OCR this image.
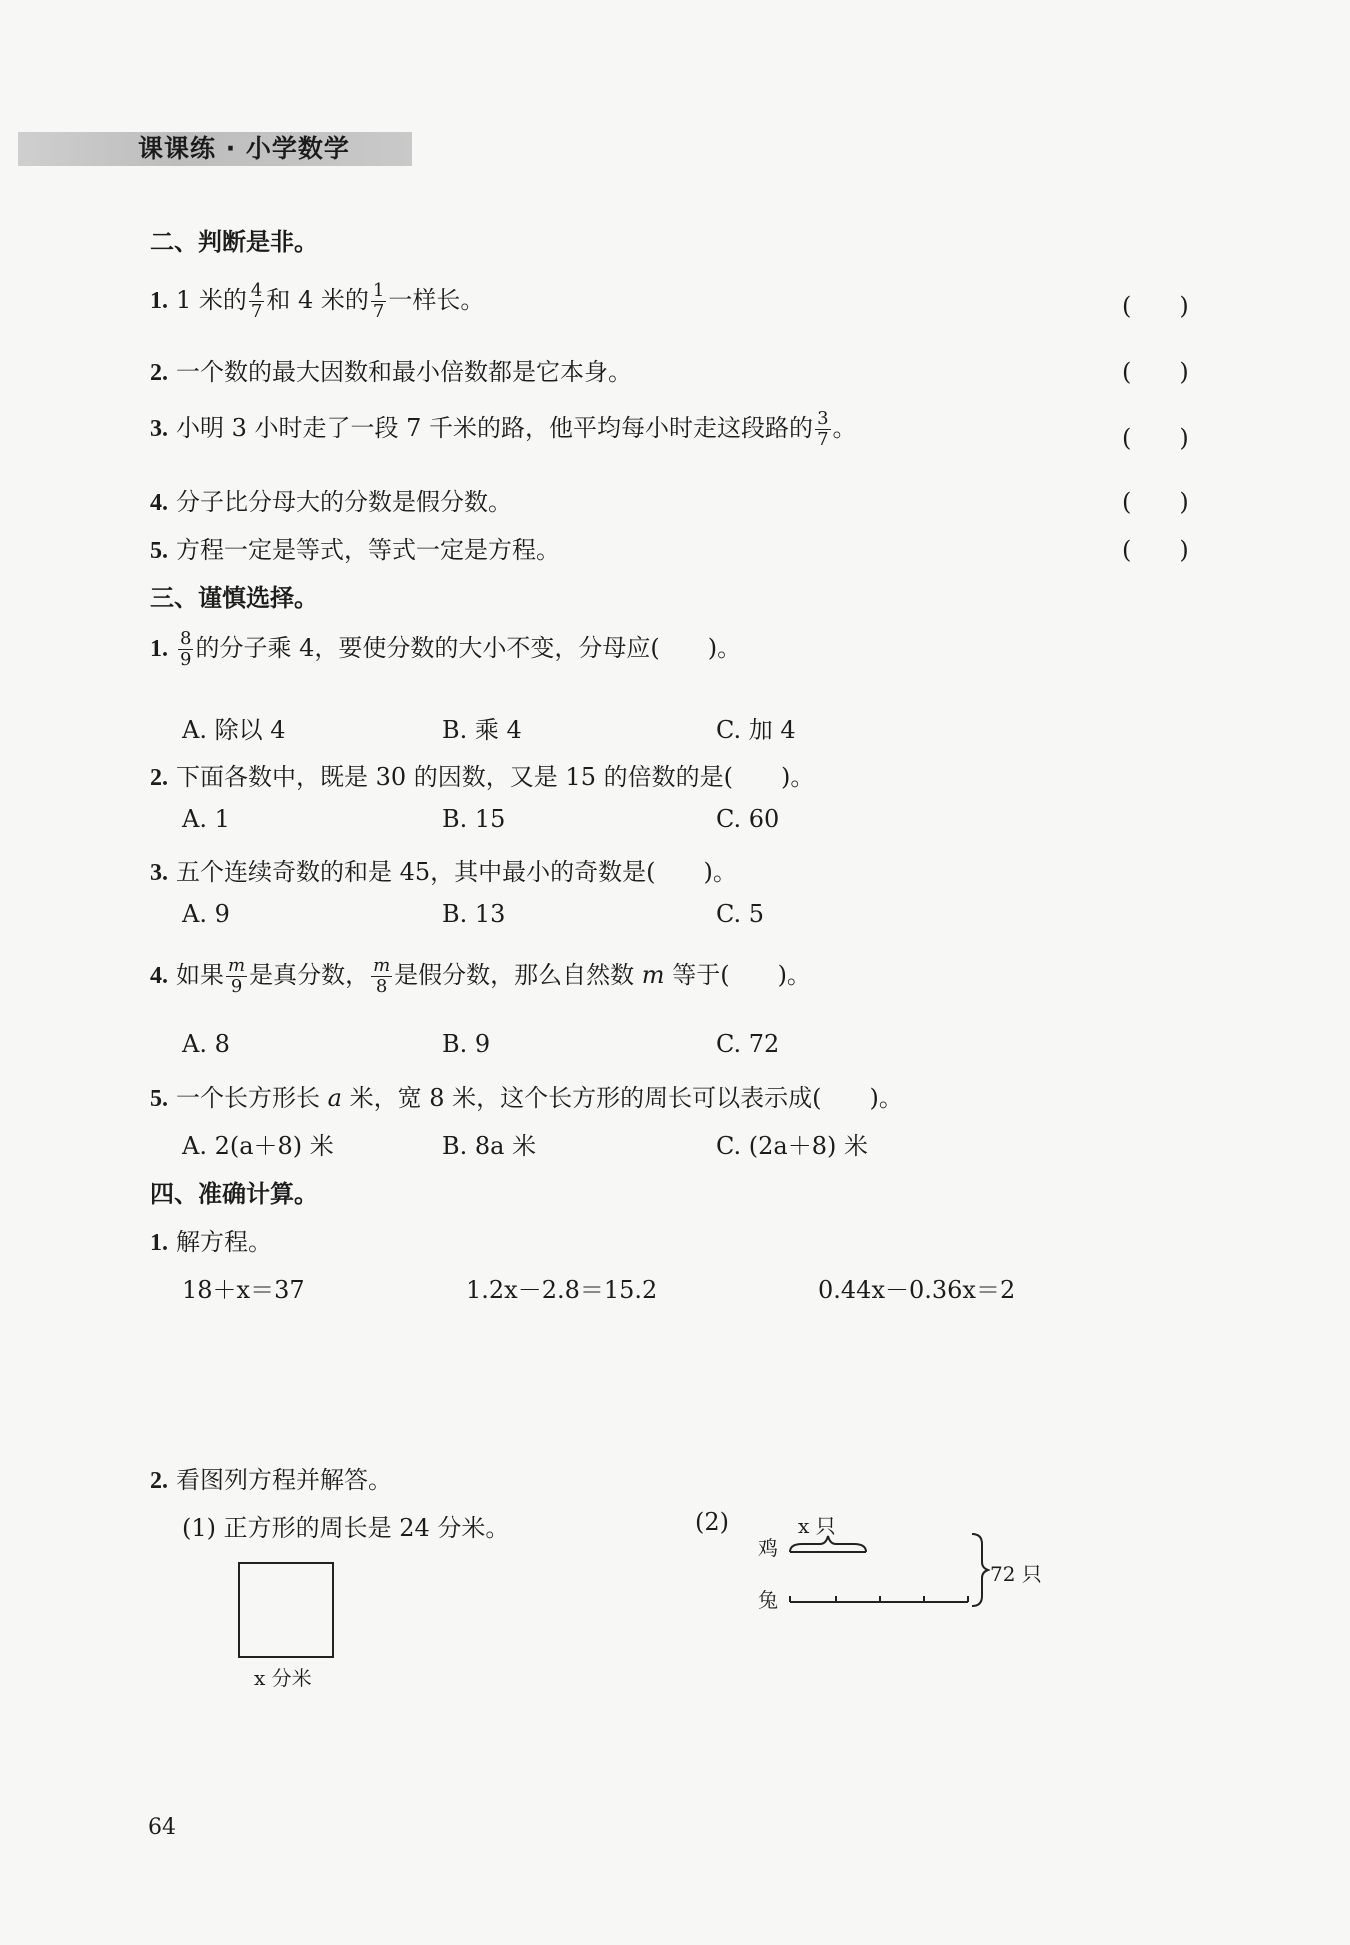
课课练 · 小学数学
二、判断是非。
1. 1 米的 $\frac{4}{7}$ 和 4 米的 $\frac{1}{7}$ 一样长。	(　　)
2. 一个数的最大因数和最小倍数都是它本身。	(　　)
3. 小明 3 小时走了一段 7 千米的路，他平均每小时走这段路的 $\frac{3}{7}$ 。	(　　)
4. 分子比分母大的分数是假分数。	(　　)
5. 方程一定是等式，等式一定是方程。	(　　)
三、谨慎选择。
1. $\frac{8}{9}$ 的分子乘 4，要使分数的大小不变，分母应(　　)。
A. 除以 4	B. 乘 4	C. 加 4
2. 下面各数中，既是 30 的因数，又是 15 的倍数的是(　　)。
A. 1	B. 15	C. 60
3. 五个连续奇数的和是 45，其中最小的奇数是(　　)。
A. 9	B. 13	C. 5
4. 如果 $\frac{m}{9}$ 是真分数， $\frac{m}{8}$ 是假分数，那么自然数 m 等于(　　)。
A. 8	B. 9	C. 72
5. 一个长方形长 a 米，宽 8 米，这个长方形的周长可以表示成(　　)。
A. 2(a＋8) 米	B. 8a 米	C. (2a＋8) 米
四、准确计算。
1. 解方程。
18＋x＝37	1.2x－2.8＝15.2	0.44x－0.36x＝2
2. 看图列方程并解答。
(1) 正方形的周长是 24 分米。
x 分米
(2)	x 只
鸡
兔
72 只
64
